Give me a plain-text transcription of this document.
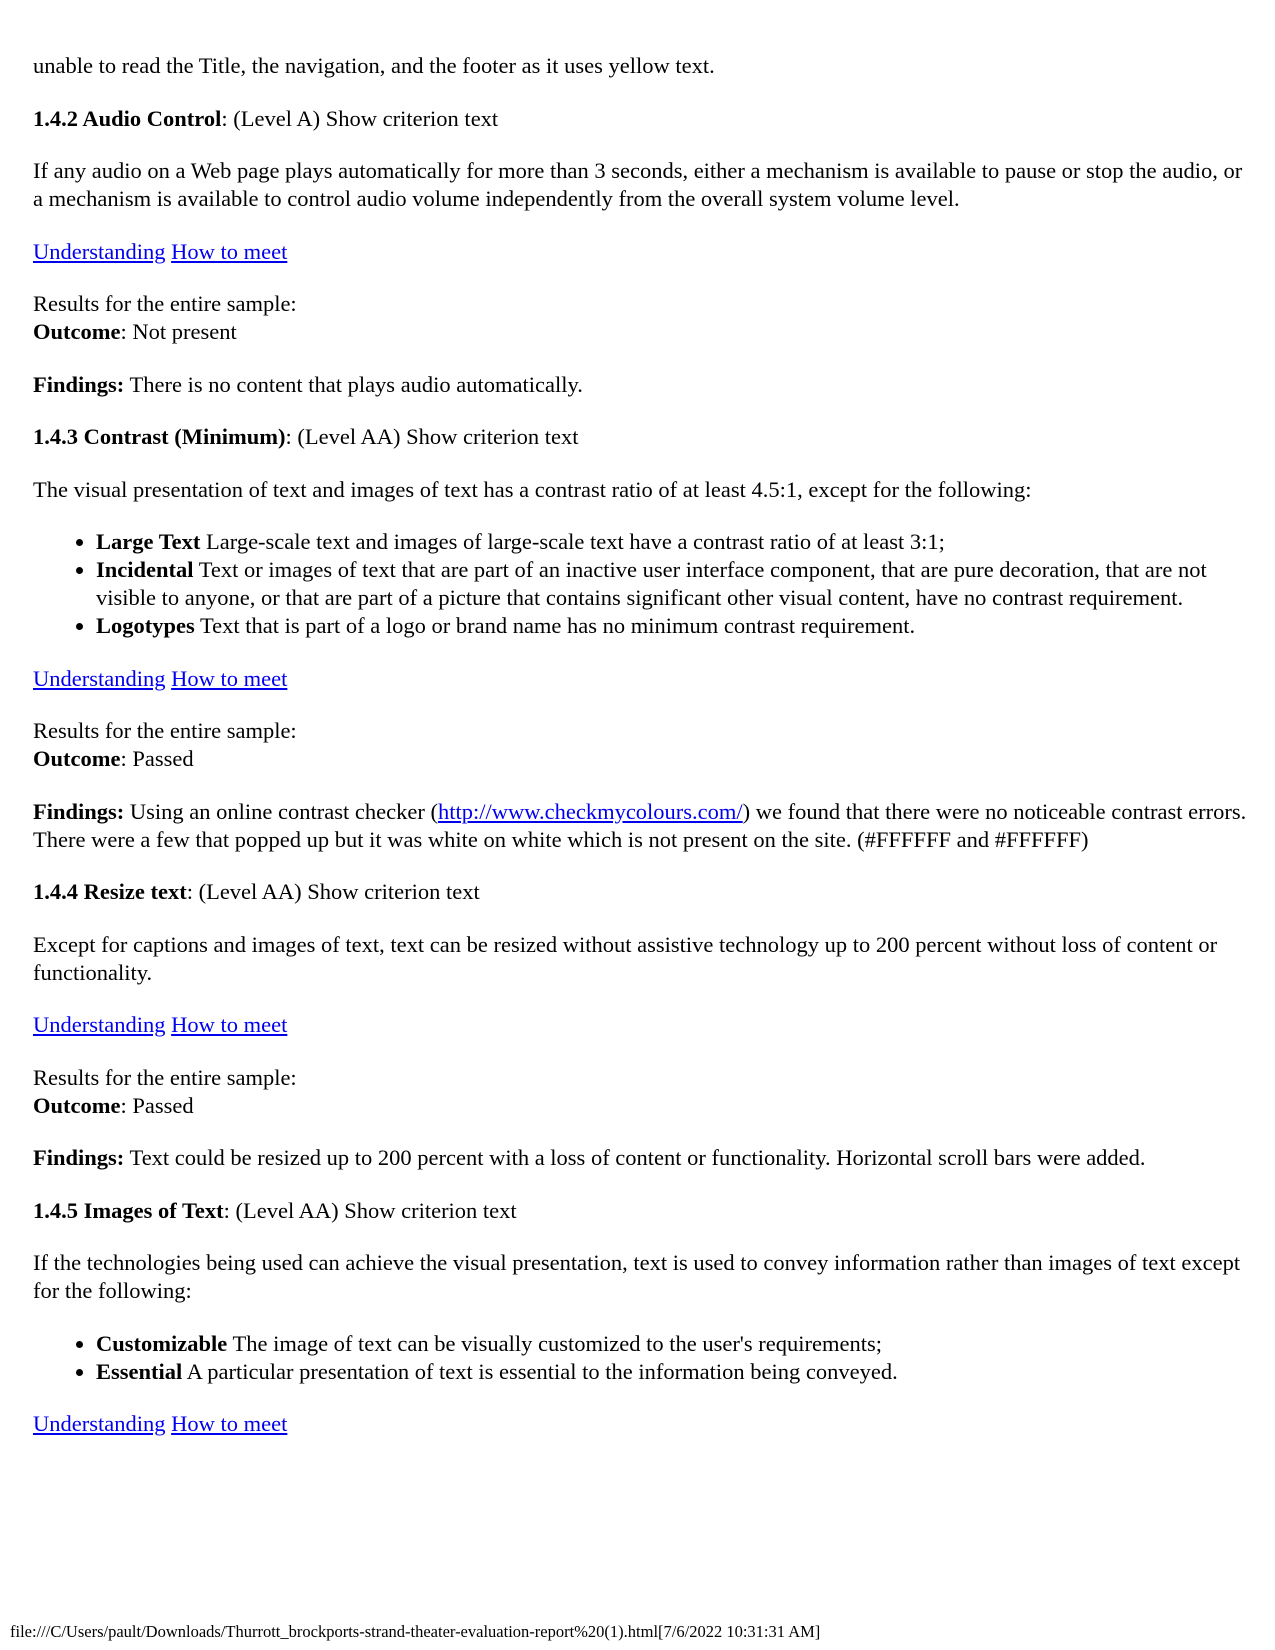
unable to read the Title, the navigation, and the footer as it uses yellow text.

1.4.2 Audio Control: (Level A) Show criterion text

If any audio on a Web page plays automatically for more than 3 seconds, either a mechanism is available to pause or stop the audio, or a mechanism is available to control audio volume independently from the overall system volume level.

Understanding How to meet

Results for the entire sample:
Outcome: Not present

Findings: There is no content that plays audio automatically.

1.4.3 Contrast (Minimum): (Level AA) Show criterion text

The visual presentation of text and images of text has a contrast ratio of at least 4.5:1, except for the following:

• Large Text Large-scale text and images of large-scale text have a contrast ratio of at least 3:1;
• Incidental Text or images of text that are part of an inactive user interface component, that are pure decoration, that are not visible to anyone, or that are part of a picture that contains significant other visual content, have no contrast requirement.
• Logotypes Text that is part of a logo or brand name has no minimum contrast requirement.

Understanding How to meet

Results for the entire sample:
Outcome: Passed

Findings: Using an online contrast checker (http://www.checkmycolours.com/) we found that there were no noticeable contrast errors. There were a few that popped up but it was white on white which is not present on the site. (#FFFFFF and #FFFFFF)

1.4.4 Resize text: (Level AA) Show criterion text

Except for captions and images of text, text can be resized without assistive technology up to 200 percent without loss of content or functionality.

Understanding How to meet

Results for the entire sample:
Outcome: Passed

Findings: Text could be resized up to 200 percent with a loss of content or functionality. Horizontal scroll bars were added.

1.4.5 Images of Text: (Level AA) Show criterion text

If the technologies being used can achieve the visual presentation, text is used to convey information rather than images of text except for the following:

• Customizable The image of text can be visually customized to the user's requirements;
• Essential A particular presentation of text is essential to the information being conveyed.

Understanding How to meet

file:///C/Users/pault/Downloads/Thurrott_brockports-strand-theater-evaluation-report%20(1).html[7/6/2022 10:31:31 AM]
